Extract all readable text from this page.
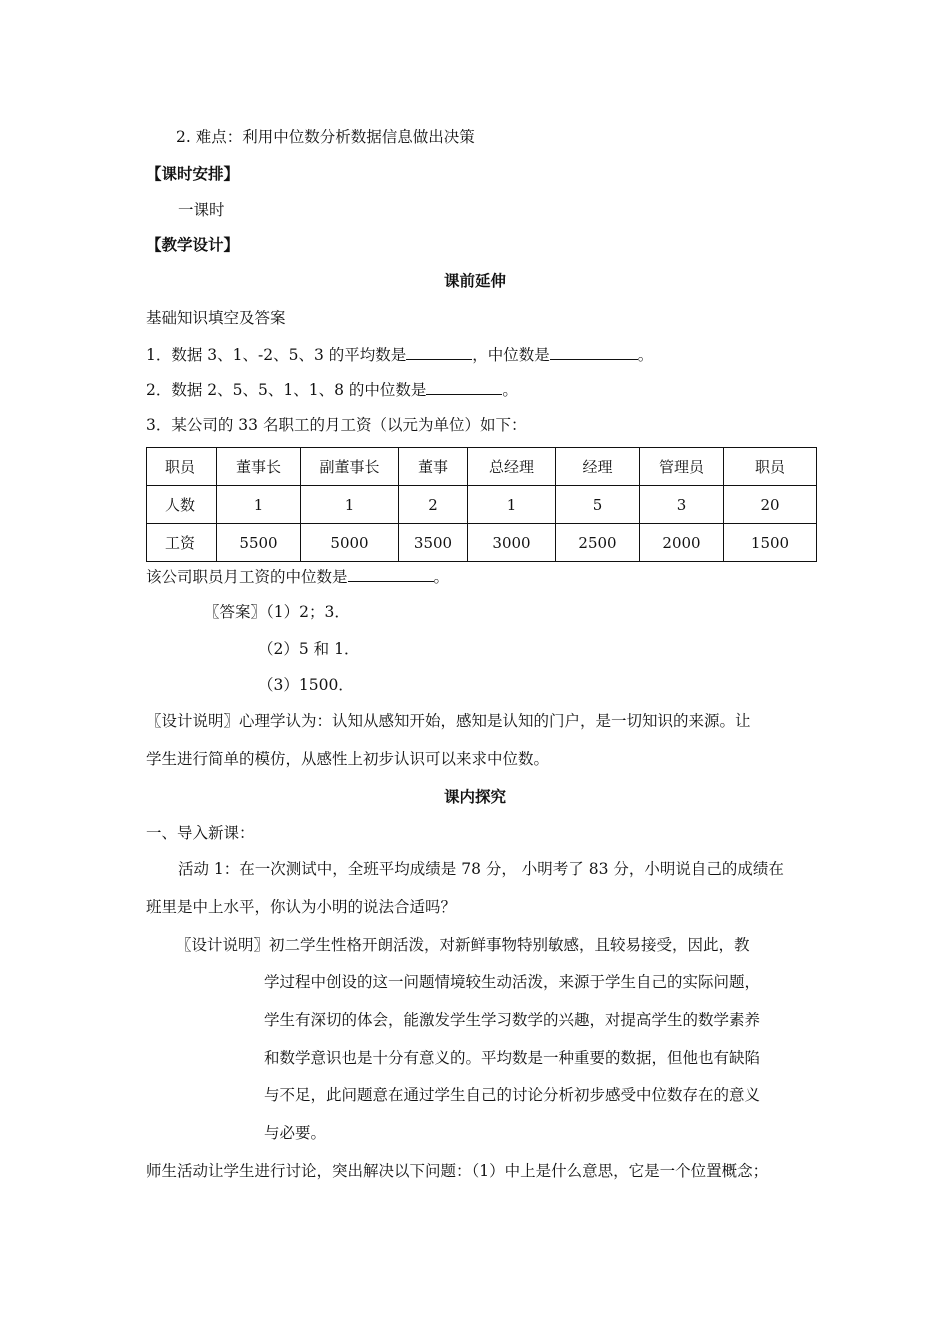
2. 难点：利用中位数分析数据信息做出决策
【课时安排】
一课时
【教学设计】
课前延伸
基础知识填空及答案
1．数据 3、1、-2、5、3 的平均数是	，中位数是	。
2．数据 2、5、5、1、1、8 的中位数是	。
3．某公司的 33 名职工的月工资（以元为单位）如下：
职员	董事长	副董事长	董事	总经理	经理	管理员	职员
人数	1	1	2	1	5	3	20
工资	5500	5000	3500	3000	2500	2000	1500
该公司职员月工资的中位数是	。
〖答案〗（1）2；3．
（2）5 和 1．
（3）1500．
〖设计说明〗心理学认为：认知从感知开始，感知是认知的门户，是一切知识的来源。让
学生进行简单的模仿，从感性上初步认识可以来求中位数。
课内探究
一、导入新课：
活动 1：在一次测试中，全班平均成绩是 78 分， 小明考了 83 分，小明说自己的成绩在
班里是中上水平，你认为小明的说法合适吗？
〖设计说明〗初二学生性格开朗活泼，对新鲜事物特别敏感，且较易接受，因此，教
学过程中创设的这一问题情境较生动活泼，来源于学生自己的实际问题，
学生有深切的体会，能激发学生学习数学的兴趣，对提高学生的数学素养
和数学意识也是十分有意义的。平均数是一种重要的数据，但他也有缺陷
与不足，此问题意在通过学生自己的讨论分析初步感受中位数存在的意义
与必要。
师生活动让学生进行讨论，突出解决以下问题：（1）中上是什么意思，它是一个位置概念；
